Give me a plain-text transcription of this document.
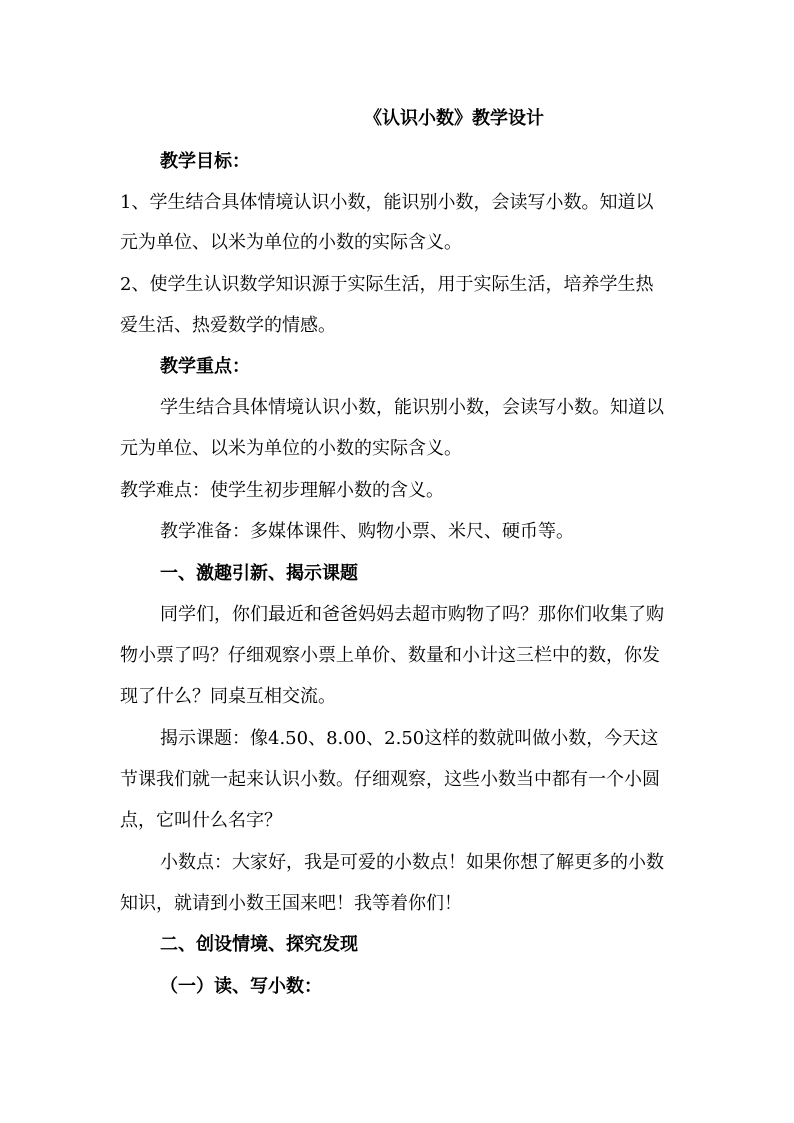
《认识小数》教学设计
教学目标：
1、学生结合具体情境认识小数，能识别小数，会读写小数。知道以
元为单位、以米为单位的小数的实际含义。
2、使学生认识数学知识源于实际生活，用于实际生活，培养学生热
爱生活、热爱数学的情感。
教学重点：
学生结合具体情境认识小数，能识别小数，会读写小数。知道以
元为单位、以米为单位的小数的实际含义。
教学难点：使学生初步理解小数的含义。
教学准备：多媒体课件、购物小票、米尺、硬币等。
一、激趣引新、揭示课题
同学们，你们最近和爸爸妈妈去超市购物了吗？那你们收集了购
物小票了吗？仔细观察小票上单价、数量和小计这三栏中的数，你发
现了什么？同桌互相交流。
揭示课题：像4.50、8.00、2.50这样的数就叫做小数，今天这
节课我们就一起来认识小数。仔细观察，这些小数当中都有一个小圆
点，它叫什么名字？
小数点：大家好，我是可爱的小数点！如果你想了解更多的小数
知识，就请到小数王国来吧！我等着你们！
二、创设情境、探究发现
（一）读、写小数：
